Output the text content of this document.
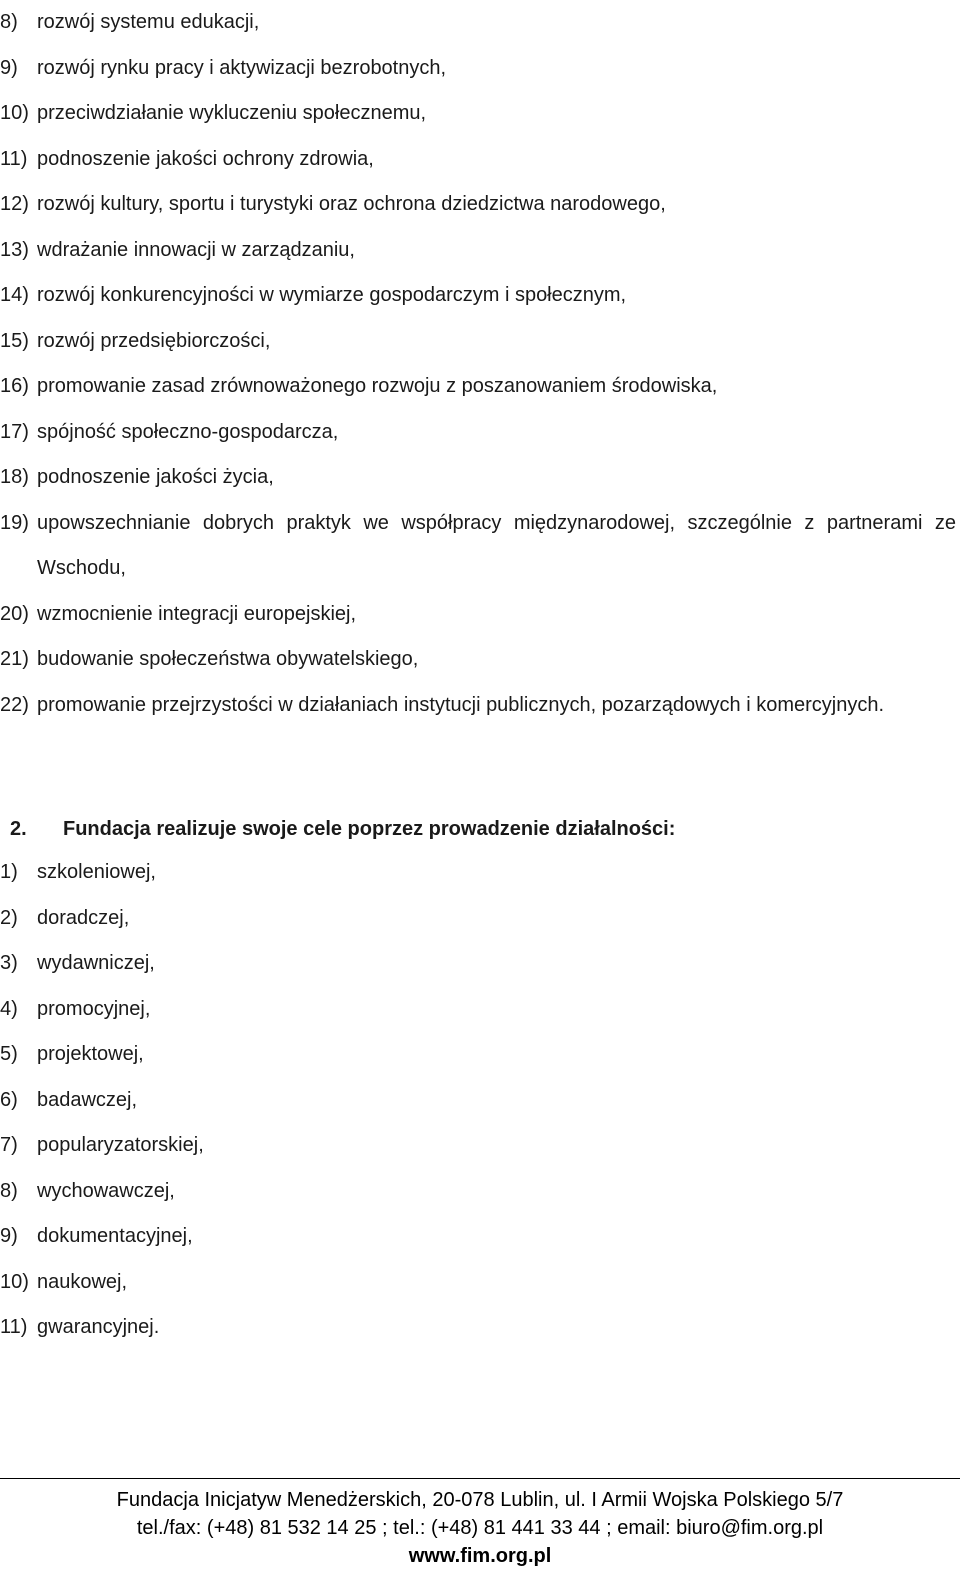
8) rozwój systemu edukacji,
9) rozwój rynku pracy i aktywizacji bezrobotnych,
10) przeciwdziałanie wykluczeniu społecznemu,
11) podnoszenie jakości ochrony zdrowia,
12) rozwój kultury, sportu i turystyki oraz ochrona dziedzictwa narodowego,
13) wdrażanie innowacji w zarządzaniu,
14) rozwój konkurencyjności w wymiarze gospodarczym i społecznym,
15) rozwój przedsiębiorczości,
16) promowanie zasad zrównoważonego rozwoju z poszanowaniem środowiska,
17) spójność społeczno-gospodarcza,
18) podnoszenie jakości życia,
19) upowszechnianie dobrych praktyk we współpracy międzynarodowej, szczególnie z partnerami ze Wschodu,
20) wzmocnienie integracji europejskiej,
21) budowanie społeczeństwa obywatelskiego,
22) promowanie przejrzystości w działaniach instytucji publicznych, pozarządowych i komercyjnych.
2.	Fundacja realizuje swoje cele poprzez prowadzenie działalności:
1) szkoleniowej,
2) doradczej,
3) wydawniczej,
4) promocyjnej,
5) projektowej,
6) badawczej,
7) popularyzatorskiej,
8) wychowawczej,
9) dokumentacyjnej,
10) naukowej,
11) gwarancyjnej.
Fundacja Inicjatyw Menedżerskich, 20-078 Lublin, ul. I Armii Wojska Polskiego 5/7
tel./fax: (+48) 81 532 14 25 ; tel.: (+48) 81 441 33 44 ; email: biuro@fim.org.pl
www.fim.org.pl
